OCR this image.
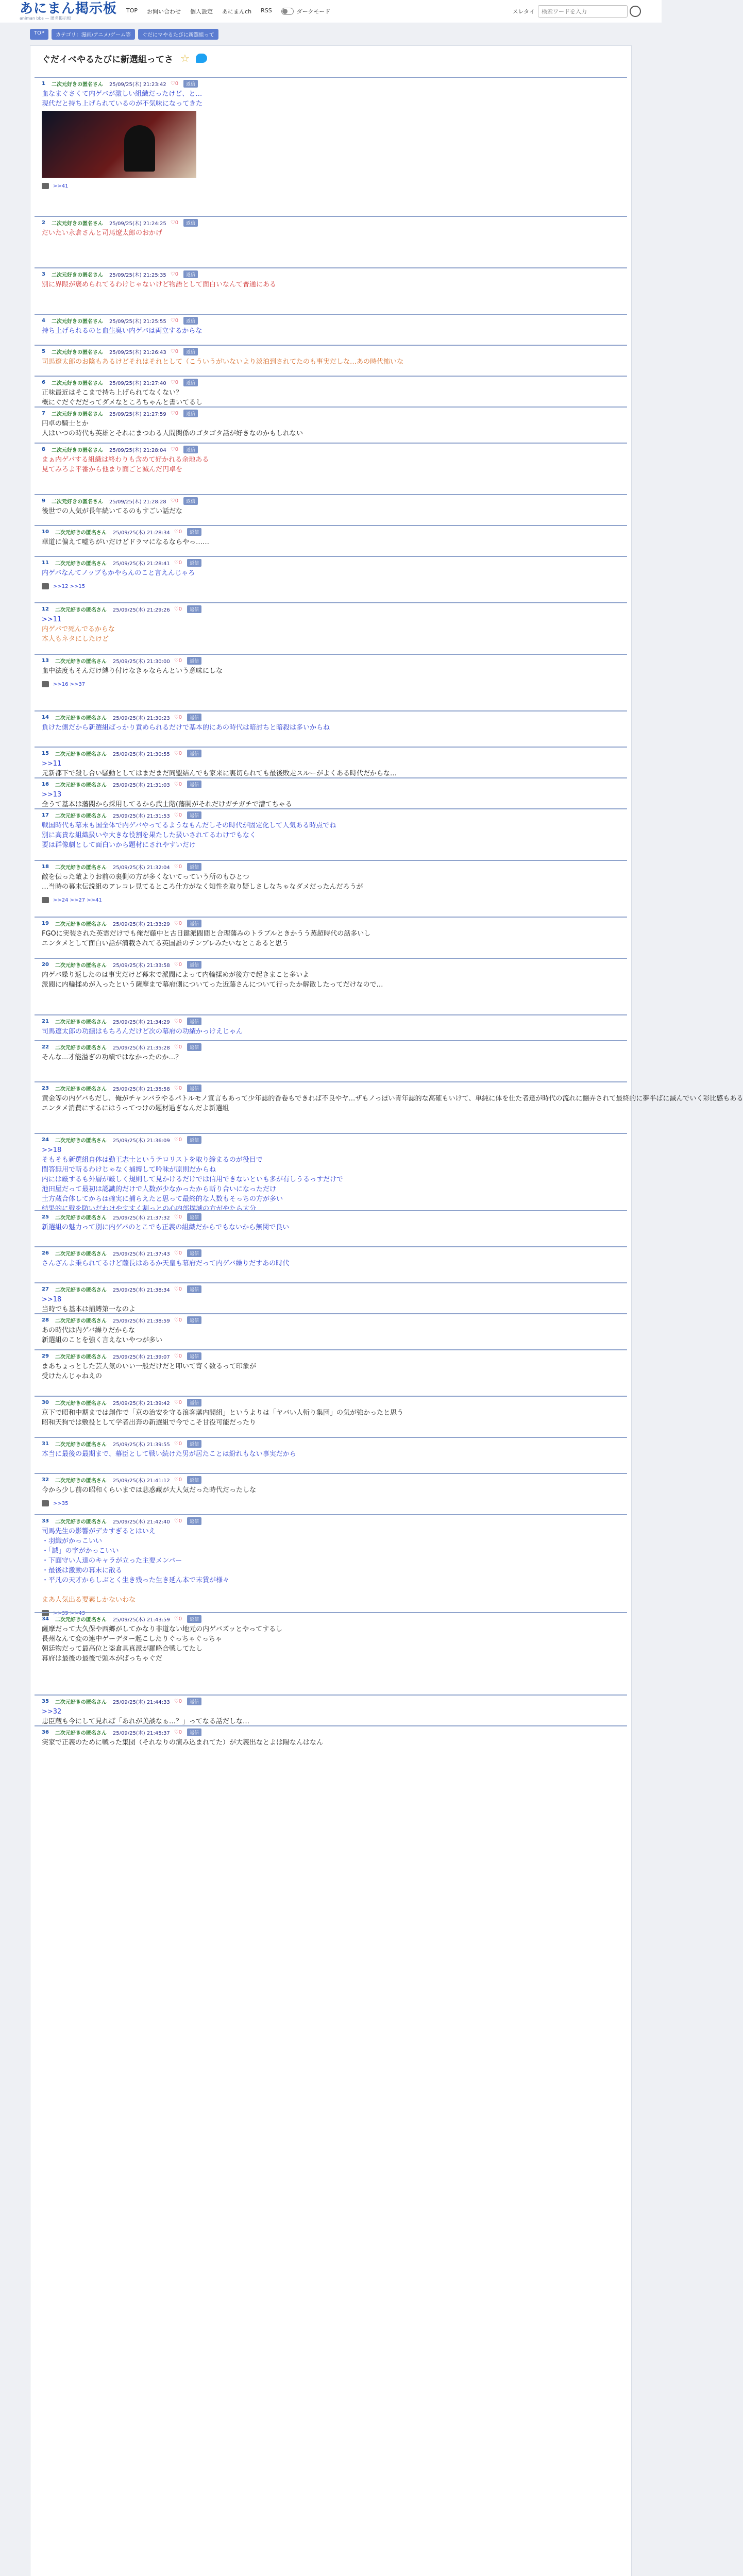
あにまん掲示板
animan bbs — 匿名掲示板
TOP お問い合わせ 個人設定 あにまんch RSS	ダークモード	スレタイ
検索ワードを入力
TOP	カテゴリ：漫画/アニメ/ゲーム等	ぐだにマやるたびに新選組って
ぐだイベやるたびに新選組ってさ ☆
1 二次元好きの匿名さん 25/09/25(木) 21:23:42 ♡0	返信
血なまぐさくて内ゲバが激しい組織だったけど、と…
現代だと持ち上げられているのが不気味になってきた
>>41
2 二次元好きの匿名さん 25/09/25(木) 21:24:25 ♡0	返信
だいたい永倉さんと司馬遼太郎のおかげ
3 二次元好きの匿名さん 25/09/25(木) 21:25:35 ♡0	返信
別に界隈が褒められてるわけじゃないけど物語として面白いなんて普通にある
4 二次元好きの匿名さん 25/09/25(木) 21:25:55 ♡0	返信
持ち上げられるのと血生臭い内ゲバは両立するからな
5 二次元好きの匿名さん 25/09/25(木) 21:26:43 ♡0	返信
司馬遼太郎のお陰もあるけどそれはそれとして（こういうがいないより淡泊到されてたのも事実だしな…あの時代怖いな
6 二次元好きの匿名さん 25/09/25(木) 21:27:40 ♡0	返信
正味最近はそこまで持ち上げられてなくない？
概にぐだぐだだってダメなところちゃんと書いてるし
7 二次元好きの匿名さん 25/09/25(木) 21:27:59 ♡0	返信
円卓の騎士とか
人はいつの時代も英雄とそれにまつわる人間関係のゴタゴタ話が好きなのかもしれない
8 二次元好きの匿名さん 25/09/25(木) 21:28:04 ♡0	返信
まぁ内ゲバする組織は終わりも含めて好かれる余地ある
見てみろよ平番から他まり面ごと滅んだ円卓を
9 二次元好きの匿名さん 25/09/25(木) 21:28:28 ♡0	返信
後世での人気が長年続いてるのもすごい話だな
10 二次元好きの匿名さん 25/09/25(木) 21:28:34 ♡0	返信
華道に偏えて嘘ちがいだけどドラマになるならやっ……
11 二次元好きの匿名さん 25/09/25(木) 21:28:41 ♡0	返信
内ゲバなんてノッブもかやらんのこと言えんじゃろ
>>12 >>15
12 二次元好きの匿名さん 25/09/25(木) 21:29:26 ♡0	返信
>>11
内ゲバで死んでるからな
本人もネタにしたけど
13 二次元好きの匿名さん 25/09/25(木) 21:30:00 ♡0	返信
血中法度もそんだけ縛り付けなきゃならんという意味にしな
>>16 >>37
14 二次元好きの匿名さん 25/09/25(木) 21:30:23 ♡0	返信
負けた側だから新選組ばっかり責められるだけで基本的にあの時代は暗討ちと暗殺は多いからね
15 二次元好きの匿名さん 25/09/25(木) 21:30:55 ♡0	返信
>>11
元新都下で殺し合い騒動としてはまだまだ同盟結んでも家来に裏切られても最後敗走スルーがよくある時代だからな…
16 二次元好きの匿名さん 25/09/25(木) 21:31:03 ♡0	返信
>>13
全うて基本は藩閥から採用してるから武士階(藩閥がそれだけガチガチで漕てちゃる
17 二次元好きの匿名さん 25/09/25(木) 21:31:53 ♡0	返信
戦国時代も幕末も国全体で内ゲバやってるようなもんだしその時代が固定化して人気ある時点でね
別に高貴な組織扱いや大きな役割を果たした扱いされてるわけでもなく
要は群像劇として面白いから題材にされやすいだけ
18 二次元好きの匿名さん 25/09/25(木) 21:32:04 ♡0	返信
敵を伝った敵よりお前の裏側の方が多くないてっていう所のもひとつ
…当時の幕末伝説組のアレコレ見てるところ仕方がなく知性を取り疑しさしなちゃなダメだったんだろうが
>>24 >>27 >>41
19 二次元好きの匿名さん 25/09/25(木) 21:33:29 ♡0	返信
FGOに実装された英霊だけでも俺だ藤中と古日鍵派閥間と合理藩みのトラブルときかうう蒸超時代の話多いし
エンタメとして面白い話が満載されてる英国誰のテンプレみたいなとこあると思う
20 二次元好きの匿名さん 25/09/25(木) 21:33:58 ♡0	返信
内ゲバ繰り返したのは事実だけど幕末で派閥によって内輪揉めが後方で起きまこと多いよ
派閥に内輪揉めが入ったという薩摩まで幕府側についてった近藤さんについて行ったか解散したってだけなので…
21 二次元好きの匿名さん 25/09/25(木) 21:34:29 ♡0	返信
司馬遼太郎の功績はもちろんだけど次の幕府の功績かっけえじゃん
22 二次元好きの匿名さん 25/09/25(木) 21:35:28 ♡0	返信
そんな...才能溢ぎの功績ではなかったのか…？
23 二次元好きの匿名さん 25/09/25(木) 21:35:58 ♡0	返信
黄金等の内ゲバもだし、俺がチャンバラやるパトルモノ宣言もあって少年誌的香卷もできれば不良やヤ…ザもノっぽい青年誌的な高確もいけて、単純に体を仕た者達が時代の流れに翻弄されて最終的に夢半ばに滅んでいく彩比感もある
エンタメ消費にするにはうってつけの題材過ぎなんだよ新選組
24 二次元好きの匿名さん 25/09/25(木) 21:36:09 ♡0	返信
>>18
そもそも新選組自体は勤王志士というテロリストを取り締まるのが役目で
間答無用で斬るわけじゃなく捕縛して吟味が原則だからね
内には厳するも外層が厳しく規則して見かけるだけでは信用できないといも多が有しうるっすだけで
池田屋だって最初は認識的だけで人数が少なかったから斬り合いになっただけ
土方蔵合体してからは確実に捕らえたと思って最終的な人数もそっちの方が多い
結果的に戦を防いだわけやすすく割っとの心内部撲滅の方がやたら大分
25 二次元好きの匿名さん 25/09/25(木) 21:37:32 ♡0	返信
新選組の魅力って別に内ゲバのとこでも正義の組織だからでもないから無関で良い
26 二次元好きの匿名さん 25/09/25(木) 21:37:43 ♡0	返信
さんざんよ乗られてるけど薩長はあるか天皇も幕府だって内ゲバ繰りだすあの時代
27 二次元好きの匿名さん 25/09/25(木) 21:38:34 ♡0	返信
>>18
当時でも基本は捕縛第一なのよ
28 二次元好きの匿名さん 25/09/25(木) 21:38:59 ♡0	返信
あの時代は内ゲバ繰りだからな
新選組のことを強く言えないやつが多い
29 二次元好きの匿名さん 25/09/25(木) 21:39:07 ♡0	返信
まあちょっとした芸人気のいい一般だけだと叩いて寄く数るって印象が
受けたんじゃねえの
30 二次元好きの匿名さん 25/09/25(木) 21:39:42 ♡0	返信
京下で昭和中期までは創作で「京の治安を守る浪客藩内閣組」というよりは「ヤバい人斬り集団」の気が強かったと思う
昭和天狗では敷役として学者出奔の新選組で今でこそ甘役可能だったり
31 二次元好きの匿名さん 25/09/25(木) 21:39:55 ♡0	返信
本当に最後の最期まで、幕臣として戦い続けた男が居たことは紛れもない事実だから
32 二次元好きの匿名さん 25/09/25(木) 21:41:12 ♡0	返信
今から少し前の昭和くらいまでは悲惑藏が大人気だった時代だったしな
>>35
33 二次元好きの匿名さん 25/09/25(木) 21:42:40 ♡0	返信
司馬先生の影響がデカすぎるとはいえ
・羽織がかっこいい
・「誠」の字がかっこいい
・下面守い人達のキャラが立った主要メンバー
・最後は激動の幕末に散る
・平凡の天才からしぶとく生き残った生き延ん本で末賃が様々

まあ人気出る要素しかないわな
>>39 >>43
34 二次元好きの匿名さん 25/09/25(木) 21:43:59 ♡0	返信
薩摩だって大久保や西郷がしてかなり非道ない地元の内ゲバズッとやってするし
長州なんて変の連中ゲーデター起こしたりぐっちゃぐっちゃ
朝廷物だって最高位と盗倉具真派が羅略合戦してたし
幕府は最後の最後で頭本がぱっちゃぐだ
35 二次元好きの匿名さん 25/09/25(木) 21:44:33 ♡0	返信
>>32
忠臣蔵も今にして見れば「あれが美談なぁ…？」ってなる話だしな…
36 二次元好きの匿名さん 25/09/25(木) 21:45:37 ♡0	返信
実家で正義のために戦った集団（それなりの演み込まれてた）が大義出なとよは陽なんはなん
